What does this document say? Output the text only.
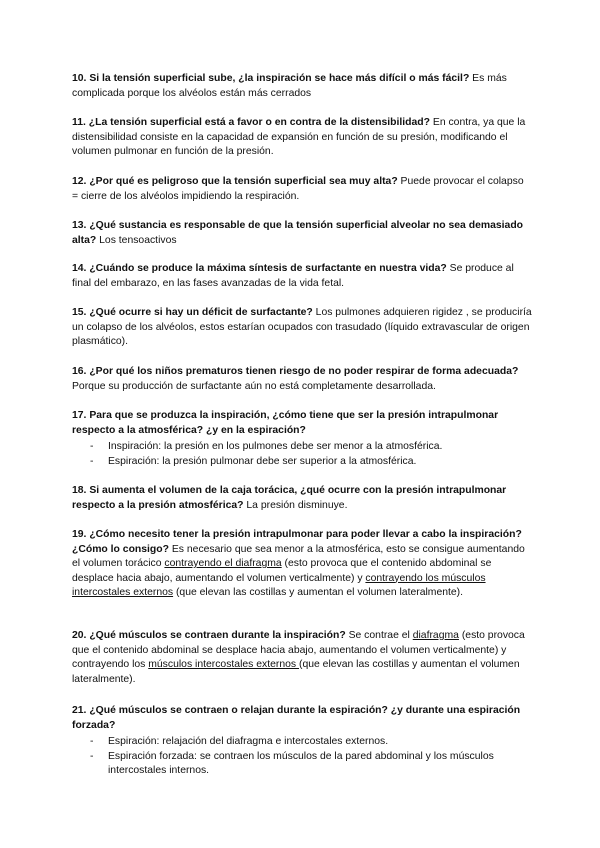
10. Si la tensión superficial sube, ¿la inspiración se hace más difícil o más fácil? Es más complicada porque los alvéolos están más cerrados

11. ¿La tensión superficial está a favor o en contra de la distensibilidad? En contra, ya que la distensibilidad consiste en la capacidad de expansión en función de su presión, modificando el volumen pulmonar en función de la presión.

12. ¿Por qué es peligroso que la tensión superficial sea muy alta? Puede provocar el colapso = cierre de los alvéolos impidiendo la respiración.

13. ¿Qué sustancia es responsable de que la tensión superficial alveolar no sea demasiado alta? Los tensoactivos

14. ¿Cuándo se produce la máxima síntesis de surfactante en nuestra vida? Se produce al final del embarazo, en las fases avanzadas de la vida fetal.

15. ¿Qué ocurre si hay un déficit de surfactante? Los pulmones adquieren rigidez , se produciría un colapso de los alvéolos, estos estarían ocupados con trasudado (líquido extravascular de origen plasmático).

16. ¿Por qué los niños prematuros tienen riesgo de no poder respirar de forma adecuada? Porque su producción de surfactante aún no está completamente desarrollada.

17. Para que se produzca la inspiración, ¿cómo tiene que ser la presión intrapulmonar respecto a la atmosférica? ¿y en la espiración?
- Inspiración: la presión en los pulmones debe ser menor a la atmosférica.
- Espiración: la presión pulmonar debe ser superior a la atmosférica.

18. Si aumenta el volumen de la caja torácica, ¿qué ocurre con la presión intrapulmonar respecto a la presión atmosférica? La presión disminuye.

19. ¿Cómo necesito tener la presión intrapulmonar para poder llevar a cabo la inspiración? ¿Cómo lo consigo? Es necesario que sea menor a la atmosférica, esto se consigue aumentando el volumen torácico contrayendo el diafragma (esto provoca que el contenido abdominal se desplace hacia abajo, aumentando el volumen verticalmente) y contrayendo los músculos intercostales externos (que elevan las costillas y aumentan el volumen lateralmente).

20. ¿Qué músculos se contraen durante la inspiración? Se contrae el diafragma (esto provoca que el contenido abdominal se desplace hacia abajo, aumentando el volumen verticalmente) y contrayendo los músculos intercostales externos (que elevan las costillas y aumentan el volumen lateralmente).

21. ¿Qué músculos se contraen o relajan durante la espiración? ¿y durante una espiración forzada?
- Espiración: relajación del diafragma e intercostales externos.
- Espiración forzada: se contraen los músculos de la pared abdominal y los músculos intercostales internos.
